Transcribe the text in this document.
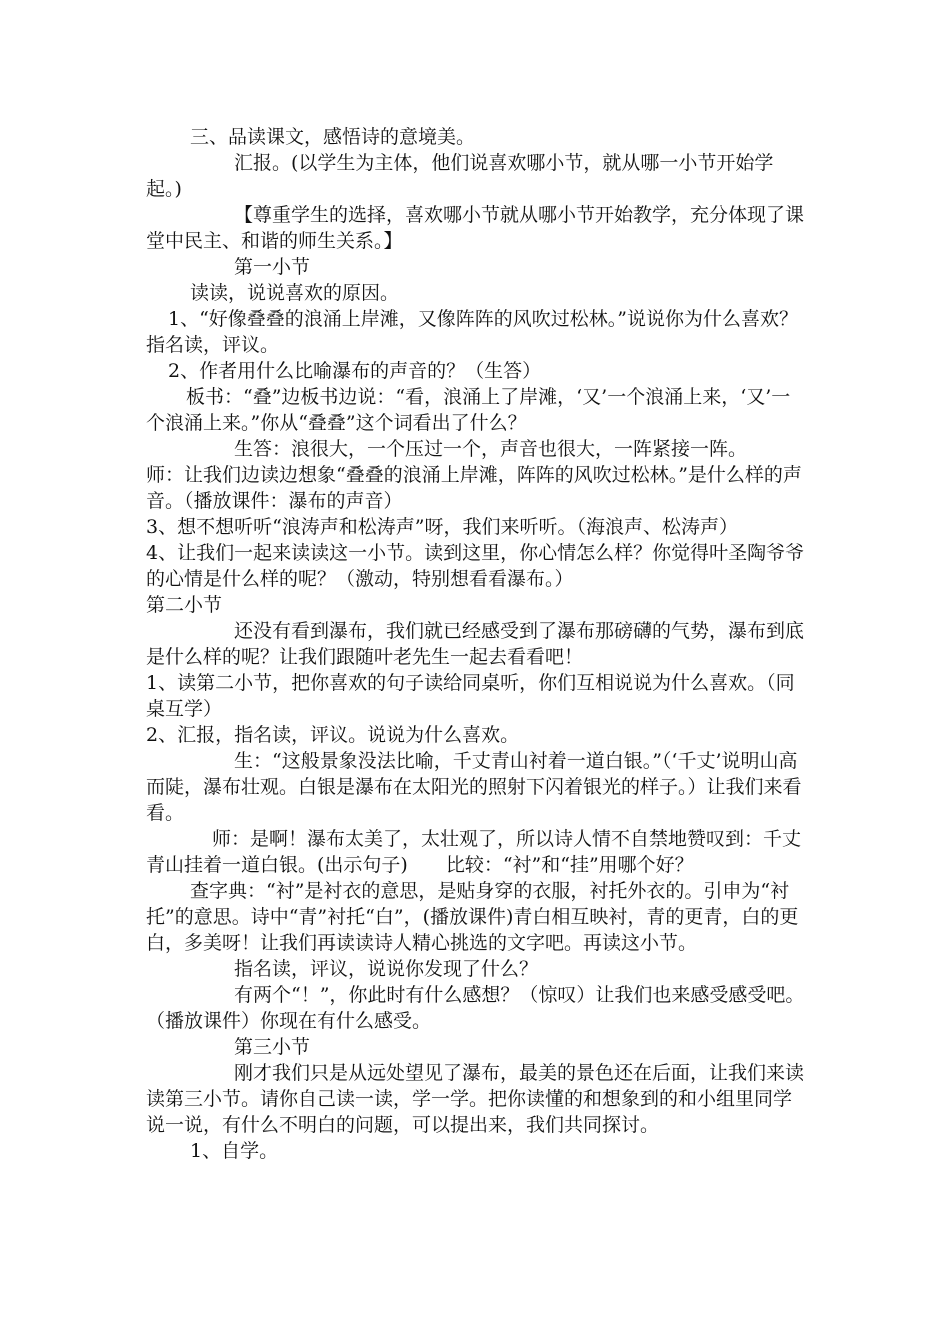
三、品读课文，感悟诗的意境美。

汇报。(以学生为主体，他们说喜欢哪小节，就从哪一小节开始学起。)

【尊重学生的选择，喜欢哪小节就从哪小节开始教学，充分体现了课堂中民主、和谐的师生关系。】

第一小节

读读，说说喜欢的原因。

1、“好像叠叠的浪涌上岸滩，又像阵阵的风吹过松林。”说说你为什么喜欢？指名读，评议。

2、作者用什么比喻瀑布的声音的？（生答）

板书：“叠”边板书边说：“看，浪涌上了岸滩，‘又’一个浪涌上来，‘又’一个浪涌上来。”你从“叠叠”这个词看出了什么？

生答：浪很大，一个压过一个，声音也很大，一阵紧接一阵。

师：让我们边读边想象“叠叠的浪涌上岸滩，阵阵的风吹过松林。”是什么样的声音。（播放课件：瀑布的声音）

3、想不想听听“浪涛声和松涛声”呀，我们来听听。（海浪声、松涛声）

4、让我们一起来读读这一小节。读到这里，你心情怎么样？你觉得叶圣陶爷爷的心情是什么样的呢？（激动，特别想看看瀑布。）

第二小节

还没有看到瀑布，我们就已经感受到了瀑布那磅礴的气势，瀑布到底是什么样的呢？让我们跟随叶老先生一起去看看吧！

1、读第二小节，把你喜欢的句子读给同桌听，你们互相说说为什么喜欢。（同桌互学）

2、汇报，指名读，评议。说说为什么喜欢。

生：“这般景象没法比喻，千丈青山衬着一道白银。”（‘千丈’说明山高而陡，瀑布壮观。白银是瀑布在太阳光的照射下闪着银光的样子。）让我们来看看。

师：是啊！瀑布太美了，太壮观了，所以诗人情不自禁地赞叹到：千丈青山挂着一道白银。(出示句子)　　比较：“衬”和“挂”用哪个好？

查字典：“衬”是衬衣的意思，是贴身穿的衣服，衬托外衣的。引申为“衬托”的意思。诗中“青”衬托“白”，(播放课件)青白相互映衬，青的更青，白的更白，多美呀！让我们再读读诗人精心挑选的文字吧。再读这小节。

指名读，评议，说说你发现了什么？

有两个“！”，你此时有什么感想？（惊叹）让我们也来感受感受吧。（播放课件）你现在有什么感受。

第三小节

刚才我们只是从远处望见了瀑布，最美的景色还在后面，让我们来读读第三小节。请你自己读一读，学一学。把你读懂的和想象到的和小组里同学说一说，有什么不明白的问题，可以提出来，我们共同探讨。

1、自学。
